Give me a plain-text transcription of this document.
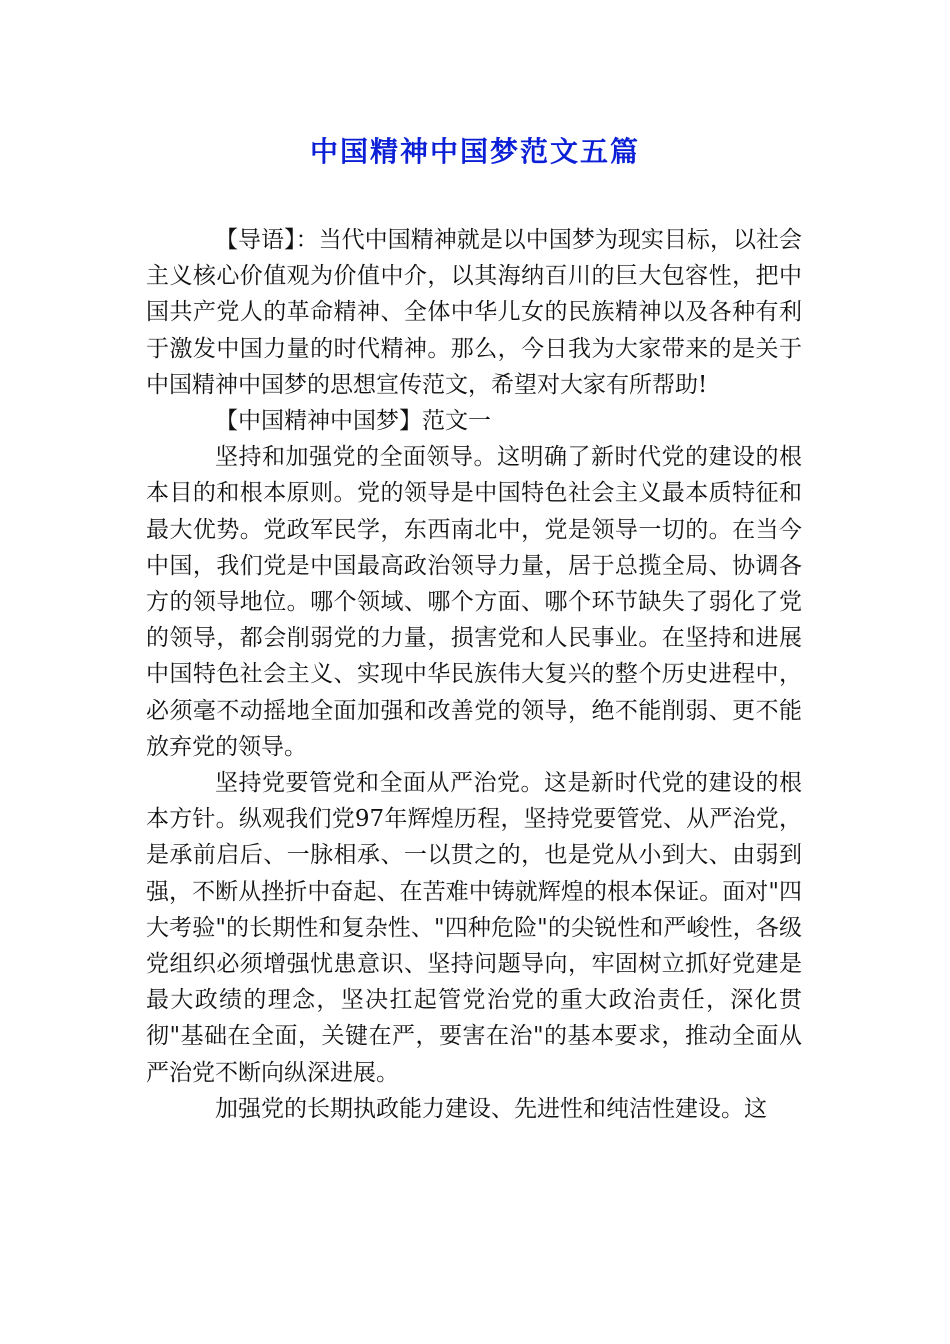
中国精神中国梦范文五篇

【导语】：当代中国精神就是以中国梦为现实目标，以社会主义核心价值观为价值中介，以其海纳百川的巨大包容性，把中国共产党人的革命精神、全体中华儿女的民族精神以及各种有利于激发中国力量的时代精神。那么，今日我为大家带来的是关于中国精神中国梦的思想宣传范文，希望对大家有所帮助!

【中国精神中国梦】范文一

坚持和加强党的全面领导。这明确了新时代党的建设的根本目的和根本原则。党的领导是中国特色社会主义最本质特征和最大优势。党政军民学，东西南北中，党是领导一切的。在当今中国，我们党是中国最高政治领导力量，居于总揽全局、协调各方的领导地位。哪个领域、哪个方面、哪个环节缺失了弱化了党的领导，都会削弱党的力量，损害党和人民事业。在坚持和进展中国特色社会主义、实现中华民族伟大复兴的整个历史进程中，必须毫不动摇地全面加强和改善党的领导，绝不能削弱、更不能放弃党的领导。

坚持党要管党和全面从严治党。这是新时代党的建设的根本方针。纵观我们党97年辉煌历程，坚持党要管党、从严治党，是承前启后、一脉相承、一以贯之的，也是党从小到大、由弱到强，不断从挫折中奋起、在苦难中铸就辉煌的根本保证。面对"四大考验"的长期性和复杂性、"四种危险"的尖锐性和严峻性，各级党组织必须增强忧患意识、坚持问题导向，牢固树立抓好党建是最大政绩的理念，坚决扛起管党治党的重大政治责任，深化贯彻"基础在全面，关键在严，要害在治"的基本要求，推动全面从严治党不断向纵深进展。

加强党的长期执政能力建设、先进性和纯洁性建设。这
